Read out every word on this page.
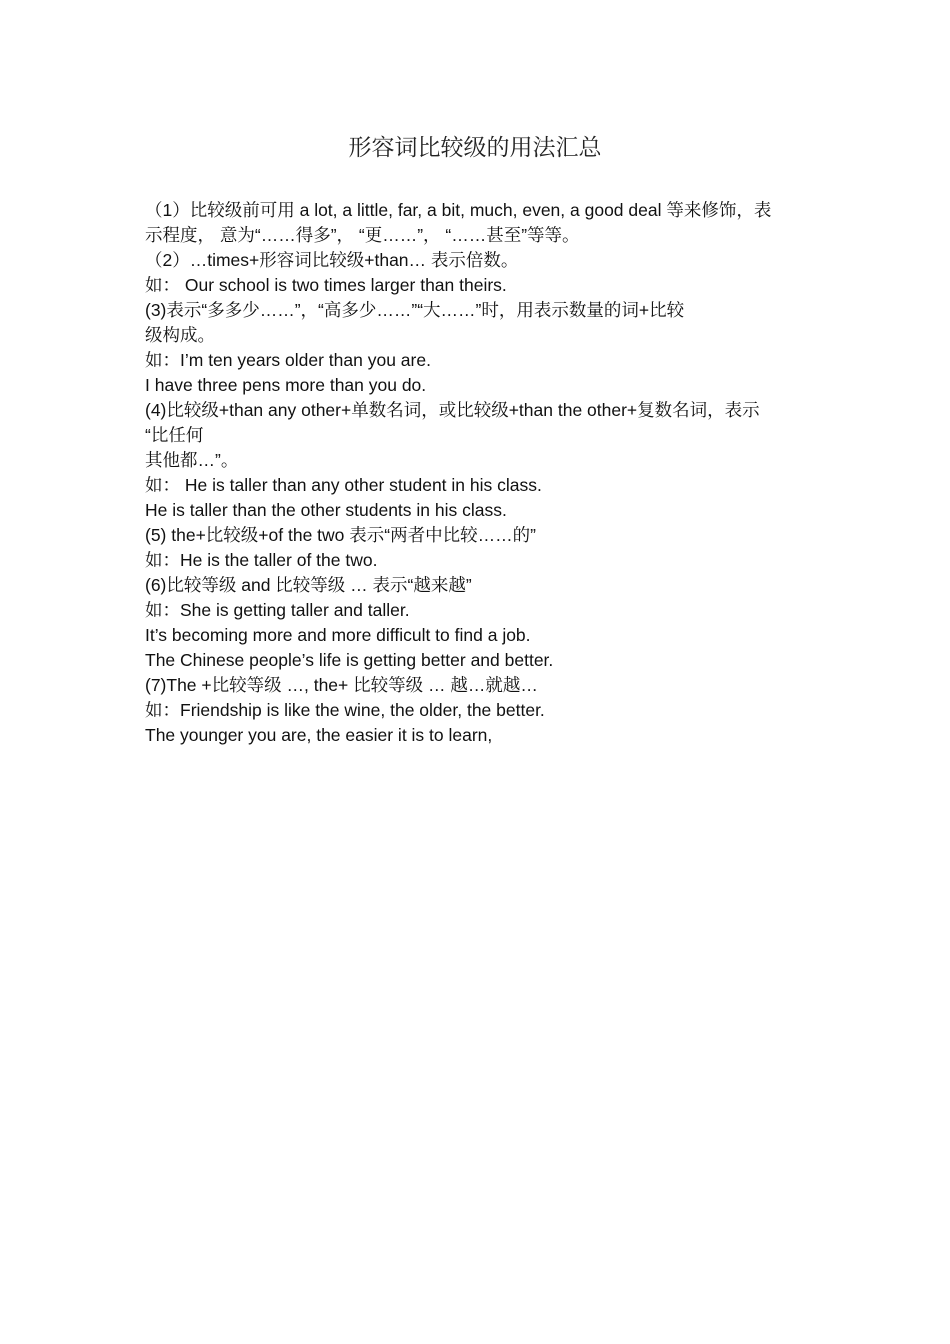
形容词比较级的用法汇总
（1）比较级前可用 a lot, a little, far, a bit, much, even, a good deal 等来修饰，表
示程度， 意为“……得多”， “更……”， “……甚至”等等。
（2）…times+形容词比较级+than… 表示倍数。
如： Our school is two times larger than theirs.
(3)表示“多多少……”，“高多少……”“大……”时，用表示数量的词+比较
级构成。
如：I’m ten years older than you are.
I have three pens more than you do.
(4)比较级+than any other+单数名词，或比较级+than the other+复数名词，表示
“比任何
其他都…”。
如： He is taller than any other student in his class.
He is taller than the other students in his class.
(5) the+比较级+of the two 表示“两者中比较……的”
如：He is the taller of the two.
(6)比较等级 and 比较等级 … 表示“越来越”
如：She is getting taller and taller.
It’s becoming more and more difficult to find a job.
The Chinese people’s life is getting better and better.
(7)The +比较等级 …, the+ 比较等级 … 越…就越…
如：Friendship is like the wine, the older, the better.
The younger you are, the easier it is to learn,
